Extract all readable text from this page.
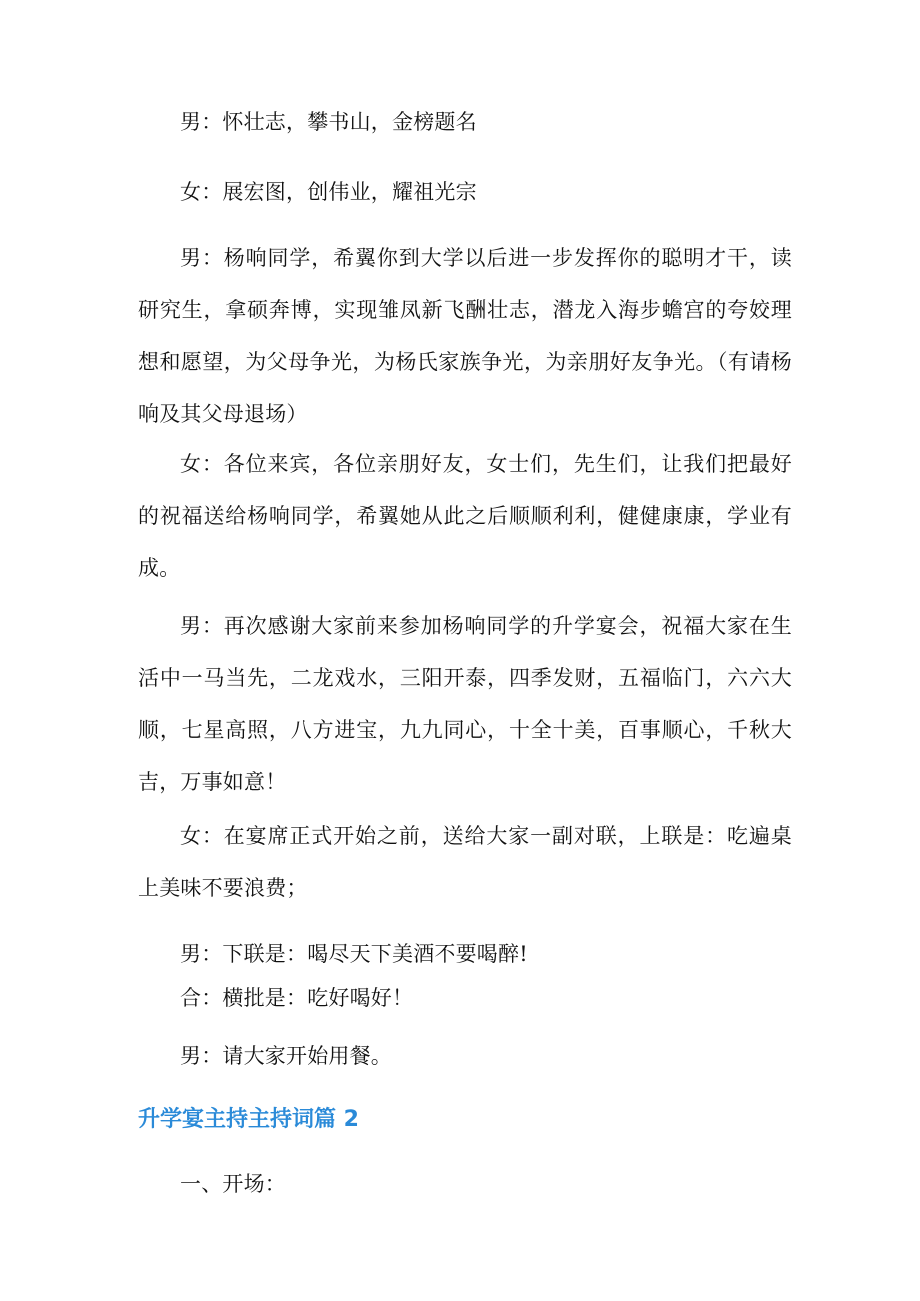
男：怀壮志，攀书山，金榜题名

女：展宏图，创伟业，耀祖光宗

男：杨响同学，希翼你到大学以后进一步发挥你的聪明才干，读研究生，拿硕奔博，实现雏凤新飞酬壮志，潜龙入海步蟾宫的夸姣理想和愿望，为父母争光，为杨氏家族争光，为亲朋好友争光。（有请杨响及其父母退场）

女：各位来宾，各位亲朋好友，女士们，先生们，让我们把最好的祝福送给杨响同学，希翼她从此之后顺顺利利，健健康康，学业有成。

男：再次感谢大家前来参加杨响同学的升学宴会，祝福大家在生活中一马当先，二龙戏水，三阳开泰，四季发财，五福临门，六六大顺，七星高照，八方进宝，九九同心，十全十美，百事顺心，千秋大吉，万事如意！

女：在宴席正式开始之前，送给大家一副对联，上联是：吃遍桌上美味不要浪费；

男：下联是：喝尽天下美酒不要喝醉!

合：横批是：吃好喝好！

男：请大家开始用餐。

升学宴主持主持词篇 2

一、开场：
